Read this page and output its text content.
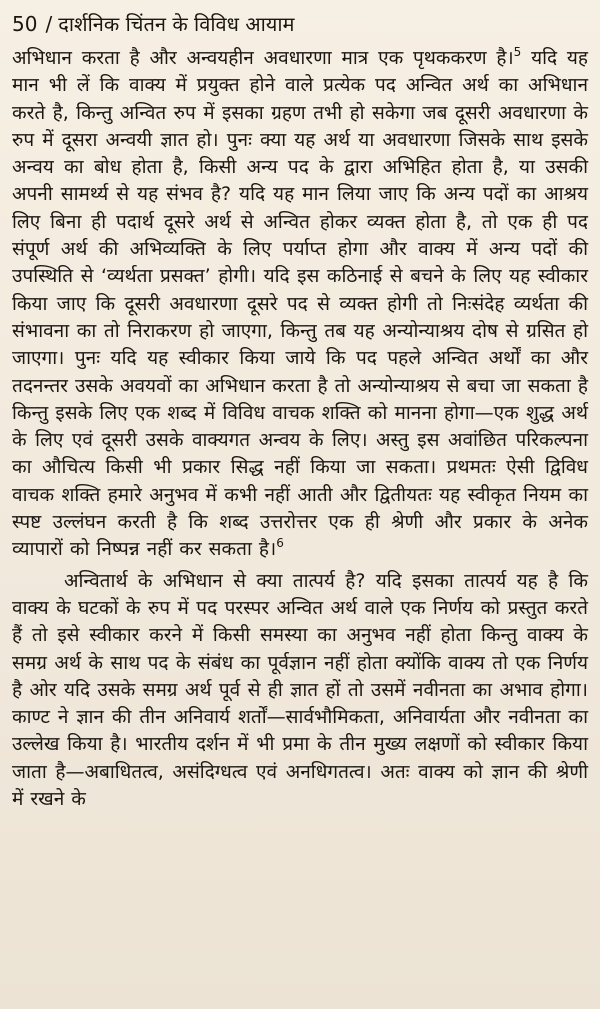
50 / दार्शनिक चिंतन के विविध आयाम

अभिधान करता है और अन्वयहीन अवधारणा मात्र एक पृथककरण है।$^5$ यदि यह मान भी लें कि वाक्य में प्रयुक्त होने वाले प्रत्येक पद अन्वित अर्थ का अभिधान करते है, किन्तु अन्वित रुप में इसका ग्रहण तभी हो सकेगा जब दूसरी अवधारणा के रुप में दूसरा अन्वयी ज्ञात हो। पुनः क्या यह अर्थ या अवधारणा जिसके साथ इसके अन्वय का बोध होता है, किसी अन्य पद के द्वारा अभिहित होता है, या उसकी अपनी सामर्थ्य से यह संभव है? यदि यह मान लिया जाए कि अन्य पदों का आश्रय लिए बिना ही पदार्थ दूसरे अर्थ से अन्वित होकर व्यक्त होता है, तो एक ही पद संपूर्ण अर्थ की अभिव्यक्ति के लिए पर्याप्त होगा और वाक्य में अन्य पदों की उपस्थिति से ‘व्यर्थता प्रसक्त’ होगी। यदि इस कठिनाई से बचने के लिए यह स्वीकार किया जाए कि दूसरी अवधारणा दूसरे पद से व्यक्त होगी तो निःसंदेह व्यर्थता की संभावना का तो निराकरण हो जाएगा, किन्तु तब यह अन्योन्याश्रय दोष से ग्रसित हो जाएगा। पुनः यदि यह स्वीकार किया जाये कि पद पहले अन्वित अर्थों का और तदनन्तर उसके अवयवों का अभिधान करता है तो अन्योन्याश्रय से बचा जा सकता है किन्तु इसके लिए एक शब्द में विविध वाचक शक्ति को मानना होगा—एक शुद्ध अर्थ के लिए एवं दूसरी उसके वाक्यगत अन्वय के लिए। अस्तु इस अवांछित परिकल्पना का औचित्य किसी भी प्रकार सिद्ध नहीं किया जा सकता। प्रथमतः ऐसी द्विविध वाचक शक्ति हमारे अनुभव में कभी नहीं आती और द्वितीयतः यह स्वीकृत नियम का स्पष्ट उल्लंघन करती है कि शब्द उत्तरोत्तर एक ही श्रेणी और प्रकार के अनेक व्यापारों को निष्पन्न नहीं कर सकता है।$^6$

अन्वितार्थ के अभिधान से क्या तात्पर्य है? यदि इसका तात्पर्य यह है कि वाक्य के घटकों के रुप में पद परस्पर अन्वित अर्थ वाले एक निर्णय को प्रस्तुत करते हैं तो इसे स्वीकार करने में किसी समस्या का अनुभव नहीं होता किन्तु वाक्य के समग्र अर्थ के साथ पद के संबंध का पूर्वज्ञान नहीं होता क्योंकि वाक्य तो एक निर्णय है ओर यदि उसके समग्र अर्थ पूर्व से ही ज्ञात हों तो उसमें नवीनता का अभाव होगा। काण्ट ने ज्ञान की तीन अनिवार्य शर्तों—सार्वभौमिकता, अनिवार्यता और नवीनता का उल्लेख किया है। भारतीय दर्शन में भी प्रमा के तीन मुख्य लक्षणों को स्वीकार किया जाता है—अबाधितत्व, असंदिग्धत्व एवं अनधिगतत्व। अतः वाक्य को ज्ञान की श्रेणी में रखने के
